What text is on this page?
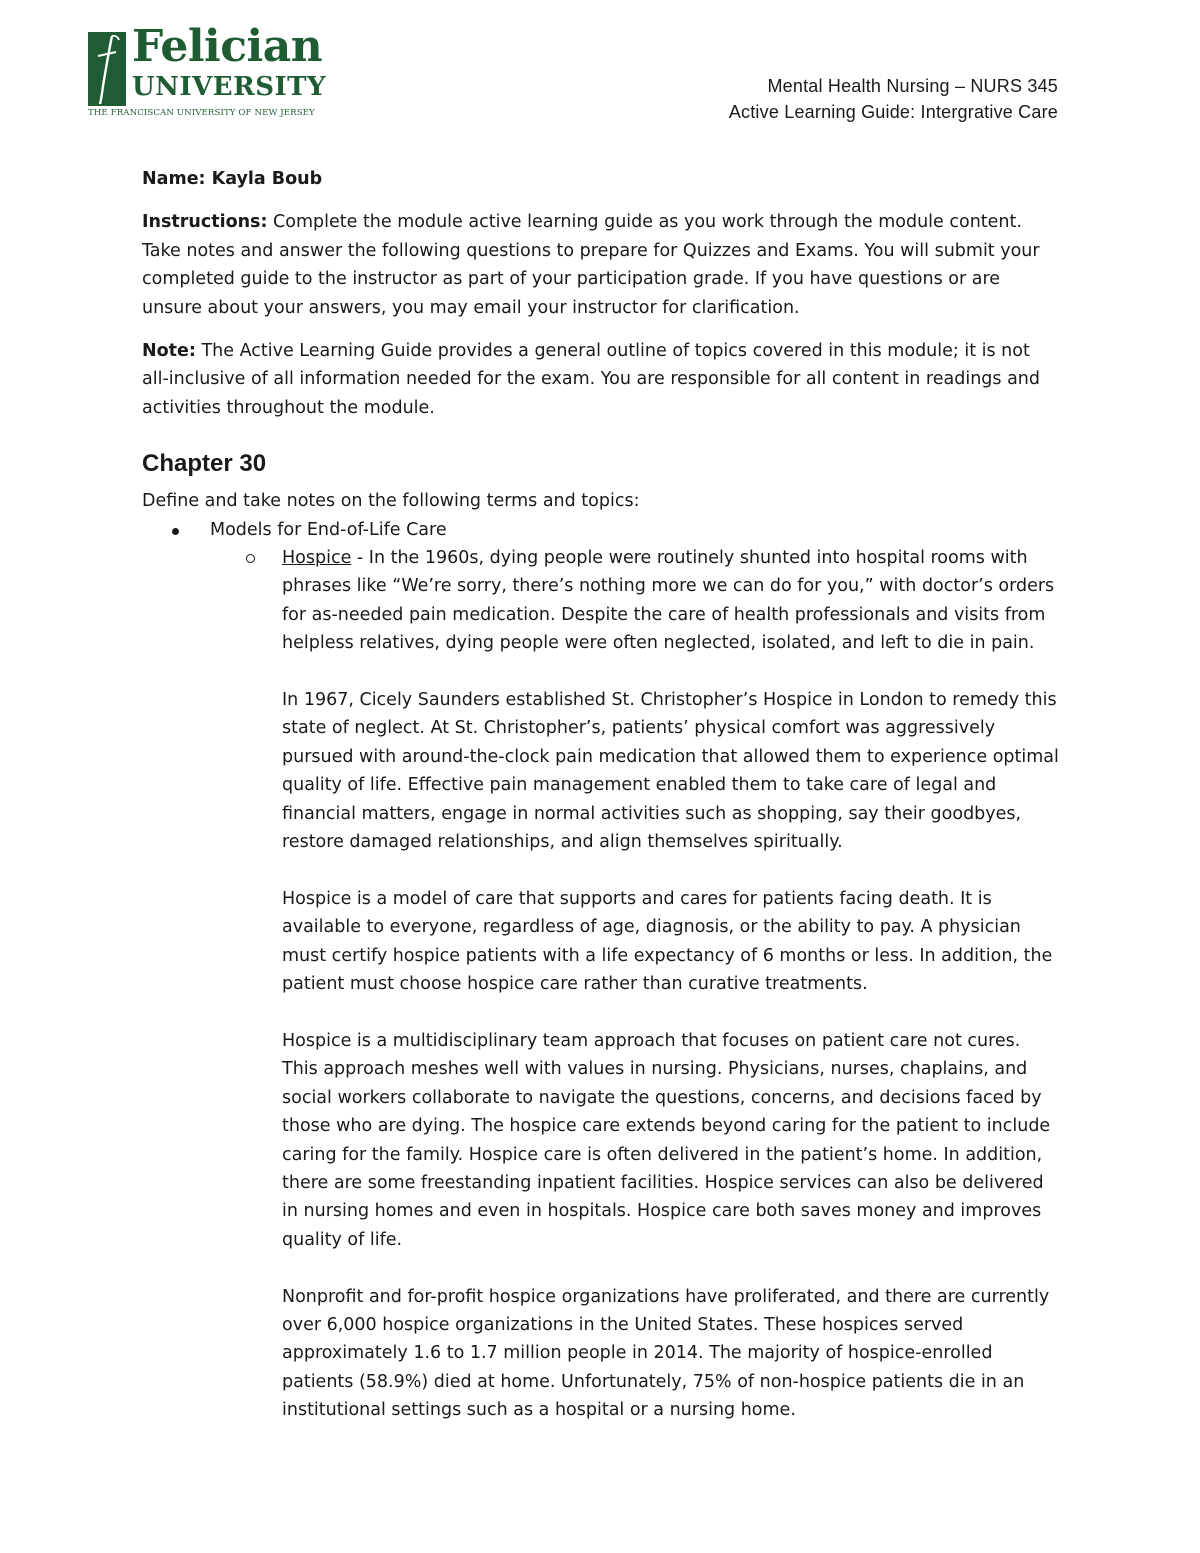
Felician
UNIVERSITY
THE FRANCISCAN UNIVERSITY OF NEW JERSEY
Mental Health Nursing – NURS 345
Active Learning Guide: Intergrative Care

Name: Kayla Boub

Instructions: Complete the module active learning guide as you work through the module content. Take notes and answer the following questions to prepare for Quizzes and Exams. You will submit your completed guide to the instructor as part of your participation grade. If you have questions or are unsure about your answers, you may email your instructor for clarification.

Note: The Active Learning Guide provides a general outline of topics covered in this module; it is not all-inclusive of all information needed for the exam. You are responsible for all content in readings and activities throughout the module.

Chapter 30
Define and take notes on the following terms and topics:
Models for End-of-Life Care

Hospice - In the 1960s, dying people were routinely shunted into hospital rooms with phrases like “We’re sorry, there’s nothing more we can do for you,” with doctor’s orders for as-needed pain medication. Despite the care of health professionals and visits from helpless relatives, dying people were often neglected, isolated, and left to die in pain.

In 1967, Cicely Saunders established St. Christopher’s Hospice in London to remedy this state of neglect. At St. Christopher’s, patients’ physical comfort was aggressively pursued with around-the-clock pain medication that allowed them to experience optimal quality of life. Effective pain management enabled them to take care of legal and financial matters, engage in normal activities such as shopping, say their goodbyes, restore damaged relationships, and align themselves spiritually.

Hospice is a model of care that supports and cares for patients facing death. It is available to everyone, regardless of age, diagnosis, or the ability to pay. A physician must certify hospice patients with a life expectancy of 6 months or less. In addition, the patient must choose hospice care rather than curative treatments.

Hospice is a multidisciplinary team approach that focuses on patient care not cures. This approach meshes well with values in nursing. Physicians, nurses, chaplains, and social workers collaborate to navigate the questions, concerns, and decisions faced by those who are dying. The hospice care extends beyond caring for the patient to include caring for the family. Hospice care is often delivered in the patient’s home. In addition, there are some freestanding inpatient facilities. Hospice services can also be delivered in nursing homes and even in hospitals. Hospice care both saves money and improves quality of life.

Nonprofit and for-profit hospice organizations have proliferated, and there are currently over 6,000 hospice organizations in the United States. These hospices served approximately 1.6 to 1.7 million people in 2014. The majority of hospice-enrolled patients (58.9%) died at home. Unfortunately, 75% of non-hospice patients die in an institutional settings such as a hospital or a nursing home.
